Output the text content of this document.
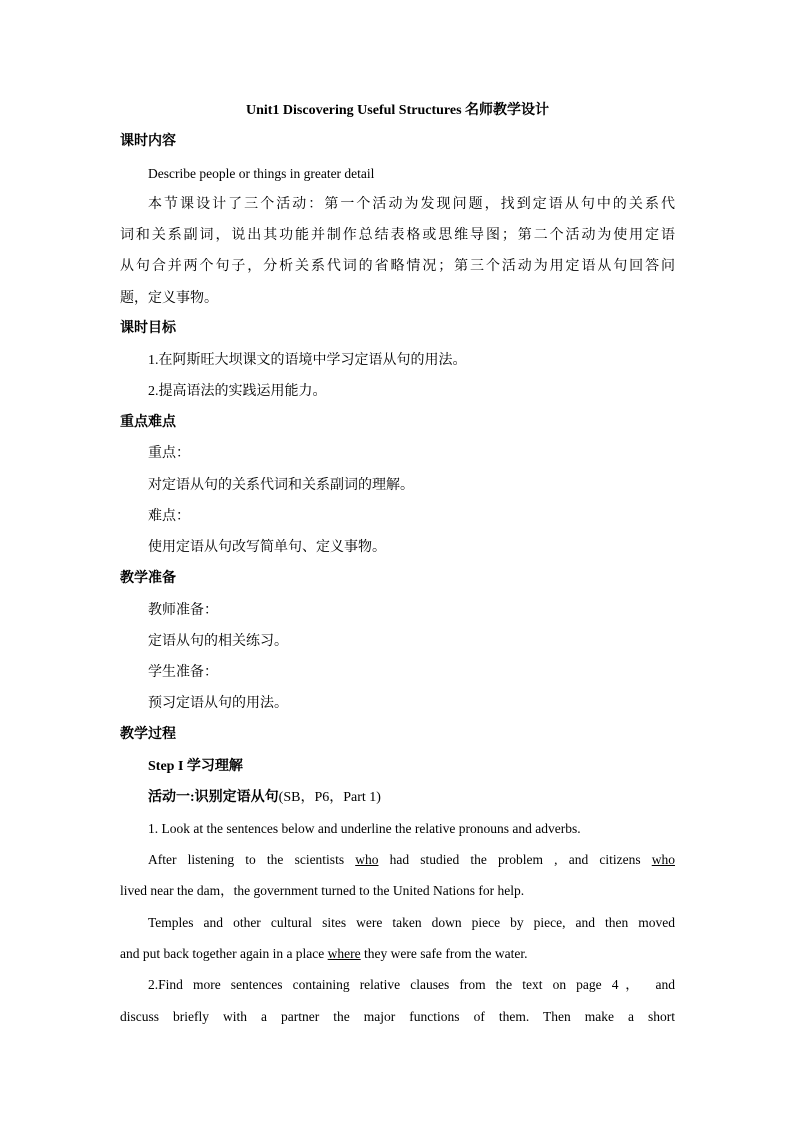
Unit1 Discovering Useful Structures 名师教学设计
课时内容
Describe people or things in greater detail
本节课设计了三个活动：第一个活动为发现问题，找到定语从句中的关系代
词和关系副词，说出其功能并制作总结表格或思维导图；第二个活动为使用定语
从句合并两个句子，分析关系代词的省略情况；第三个活动为用定语从句回答问
题，定义事物。
课时目标
1.在阿斯旺大坝课文的语境中学习定语从句的用法。
2.提高语法的实践运用能力。
重点难点
重点：
对定语从句的关系代词和关系副词的理解。
难点：
使用定语从句改写简单句、定义事物。
教学准备
教师准备：
定语从句的相关练习。
学生准备：
预习定语从句的用法。
教学过程
Step I 学习理解
活动一:识别定语从句(SB，P6，Part 1)
1. Look at the sentences below and underline the relative pronouns and adverbs.
After listening to the scientists who had studied the problem , and citizens who
lived near the dam，the government turned to the United Nations for help.
Temples and other cultural sites were taken down piece by piece, and then moved
and put back together again in a place where they were safe from the water.
2.Find more sentences containing relative clauses from the text on page 4， and
discuss briefly with a partner the major functions of them. Then make a short
